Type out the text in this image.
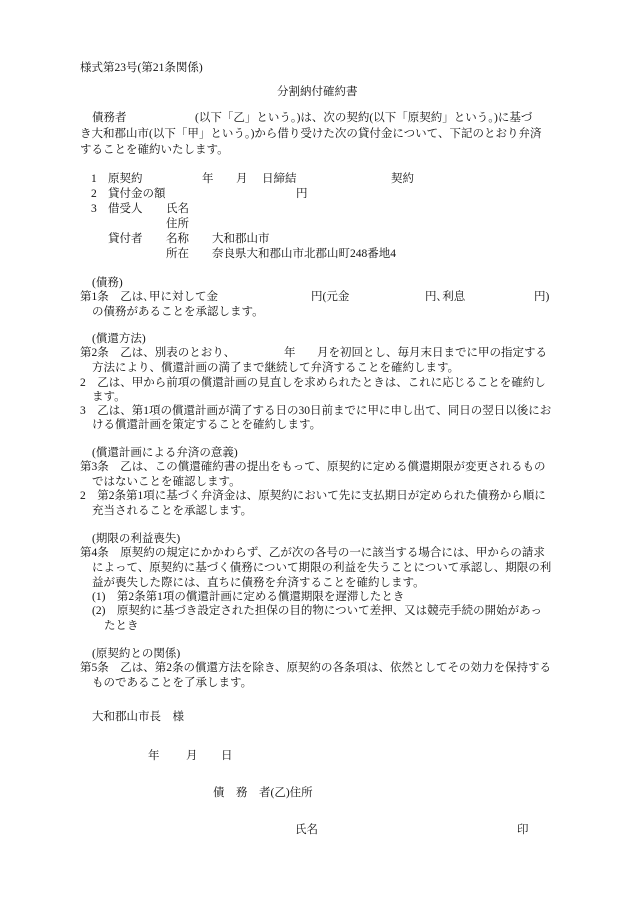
様式第23号(第21条関係)
分割納付確約書
債務者	(以下「乙」という。)は、次の契約(以下「原契約」という。)に基づ
き大和郡山市(以下「甲」という。)から借り受けた次の貸付金について、下記のとおり弁済
することを確約いたします。
1 原契約	年 月 日締結	契約
2 貸付金の額	円
3 借受人 氏名
住所
貸付者 名称 大和郡山市
所在 奈良県大和郡山市北郡山町248番地4
(債務)
第1条　乙は､甲に対して金	円(元金	円､利息	円)
の債務があることを承認します。
(償還方法)
第2条　乙は、別表のとおり、	年 月を初回とし、毎月末日までに甲の指定する
方法により、償還計画の満了まで継続して弁済することを確約します。
2　乙は、甲から前項の償還計画の見直しを求められたときは、これに応じることを確約し
ます。
3　乙は、第1項の償還計画が満了する日の30日前までに甲に申し出て、同日の翌日以後にお
ける償還計画を策定することを確約します。
(償還計画による弁済の意義)
第3条　乙は、この償還確約書の提出をもって、原契約に定める償還期限が変更されるもの
ではないことを確認します。
2　第2条第1項に基づく弁済金は、原契約において先に支払期日が定められた債務から順に
充当されることを承認します。
(期限の利益喪失)
第4条　原契約の規定にかかわらず、乙が次の各号の一に該当する場合には、甲からの請求
によって、原契約に基づく債務について期限の利益を失うことについて承認し、期限の利
益が喪失した際には、直ちに債務を弁済することを確約します。
(1)　第2条第1項の償還計画に定める償還期限を遅滞したとき
(2)　原契約に基づき設定された担保の目的物について差押、又は競売手続の開始があっ
たとき
(原契約との関係)
第5条　乙は、第2条の償還方法を除き、原契約の各条項は、依然としてその効力を保持する
ものであることを了承します。
大和郡山市長　様
年 月 日
債　務　者(乙)住所
氏名	印
